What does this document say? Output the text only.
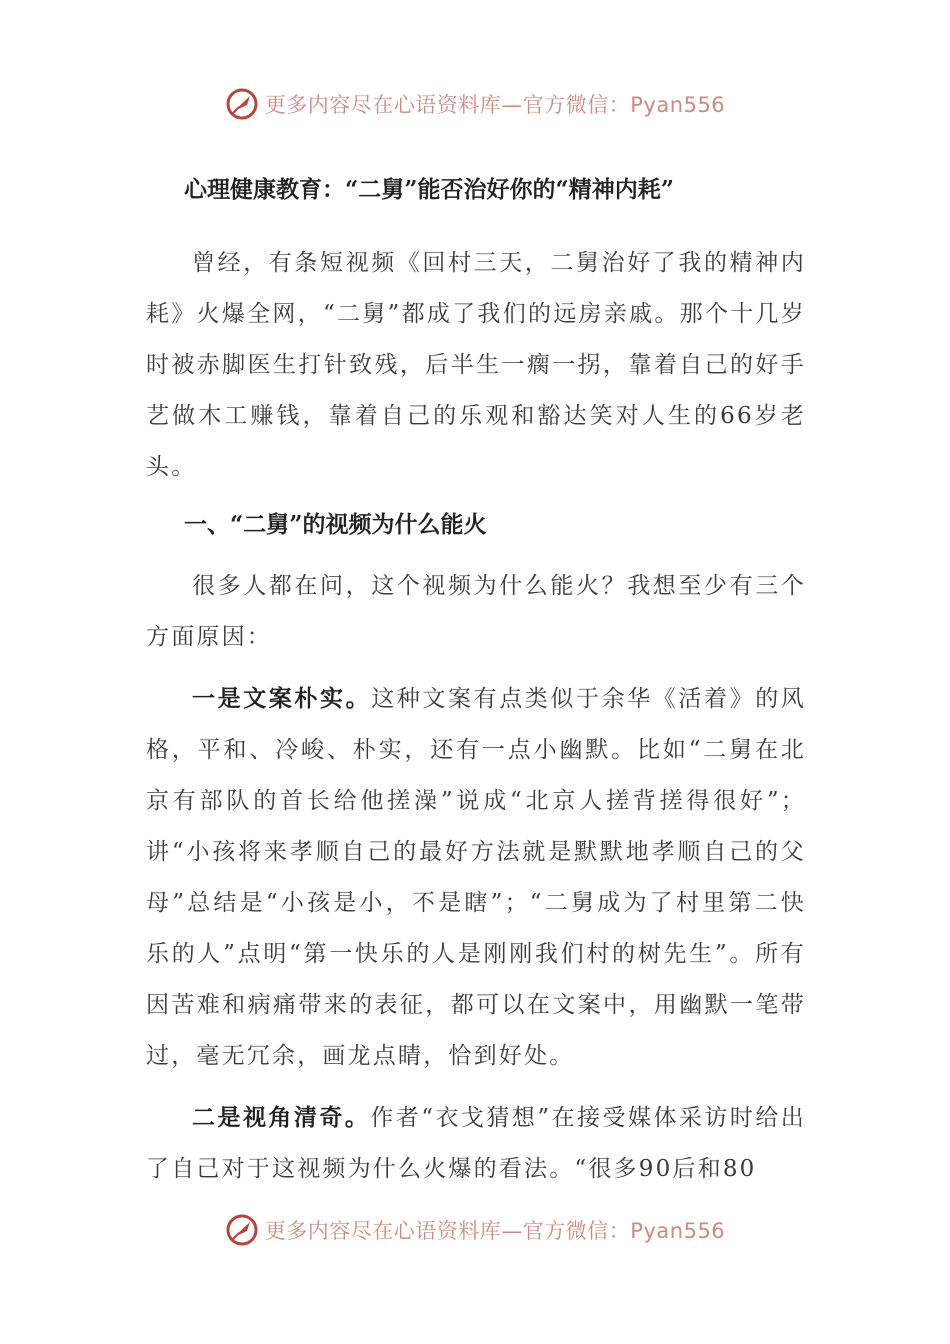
更多内容尽在心语资料库—官方微信：Pyan556
心理健康教育：“二舅”能否治好你的“精神内耗”

曾经，有条短视频《回村三天，二舅治好了我的精神内耗》火爆全网，“二舅”都成了我们的远房亲戚。那个十几岁时被赤脚医生打针致残，后半生一瘸一拐，靠着自己的好手艺做木工赚钱，靠着自己的乐观和豁达笑对人生的66岁老头。

一、“二舅”的视频为什么能火

很多人都在问，这个视频为什么能火？我想至少有三个方面原因：

一是文案朴实。这种文案有点类似于余华《活着》的风格，平和、冷峻、朴实，还有一点小幽默。比如“二舅在北京有部队的首长给他搓澡”说成“北京人搓背搓得很好”；讲“小孩将来孝顺自己的最好方法就是默默地孝顺自己的父母”总结是“小孩是小，不是瞎”；“二舅成为了村里第二快乐的人”点明“第一快乐的人是刚刚我们村的树先生”。所有因苦难和病痛带来的表征，都可以在文案中，用幽默一笔带过，毫无冗余，画龙点睛，恰到好处。

二是视角清奇。作者“衣戈猜想”在接受媒体采访时给出了自己对于这视频为什么火爆的看法。“很多90后和80

更多内容尽在心语资料库—官方微信：Pyan556
